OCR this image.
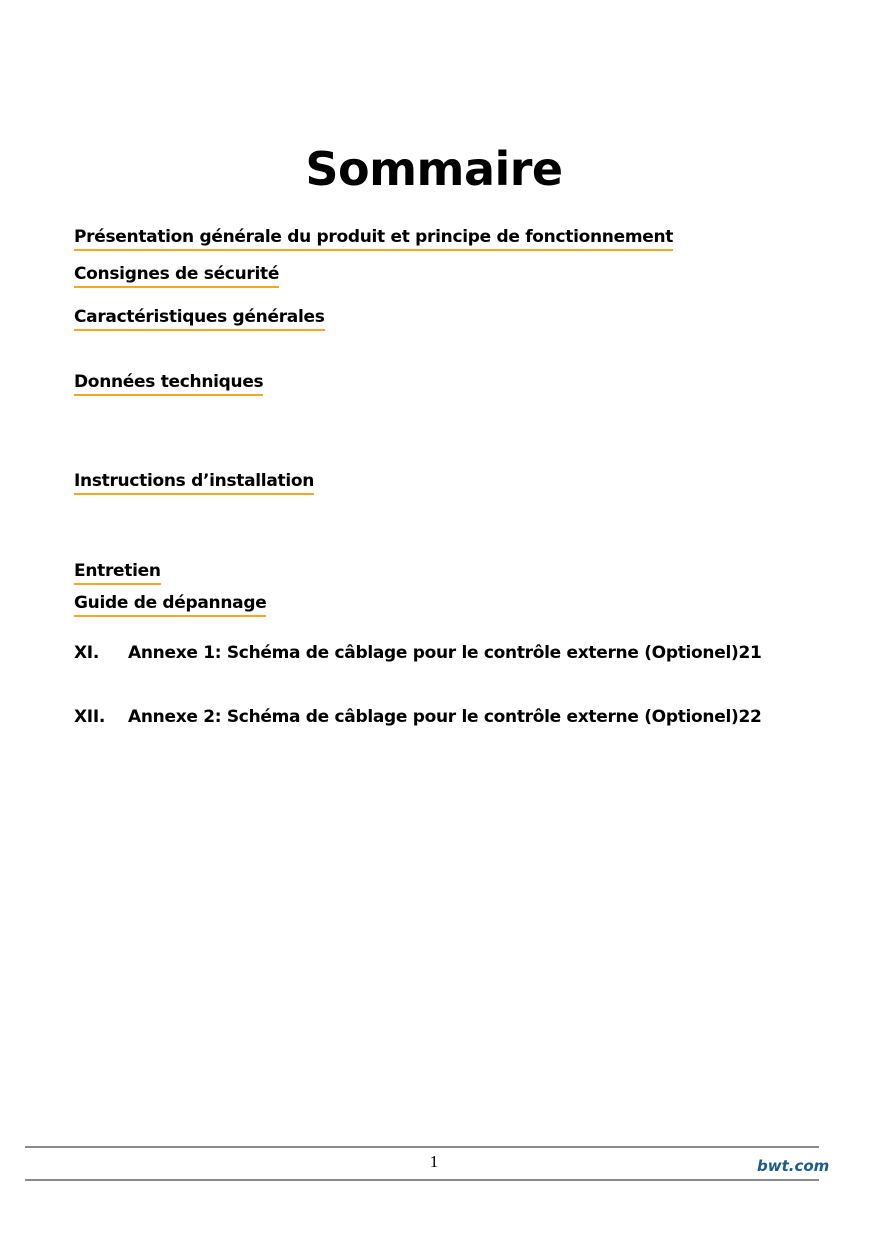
Sommaire
Présentation générale du produit et principe de fonctionnement
Consignes de sécurité
Caractéristiques générales
Données techniques
Instructions d’installation
Entretien
Guide de dépannage
XI. Annexe 1: Schéma de câblage pour le contrôle externe (Optionel)21
XII. Annexe 2: Schéma de câblage pour le contrôle externe (Optionel)22
1	bwt.com
